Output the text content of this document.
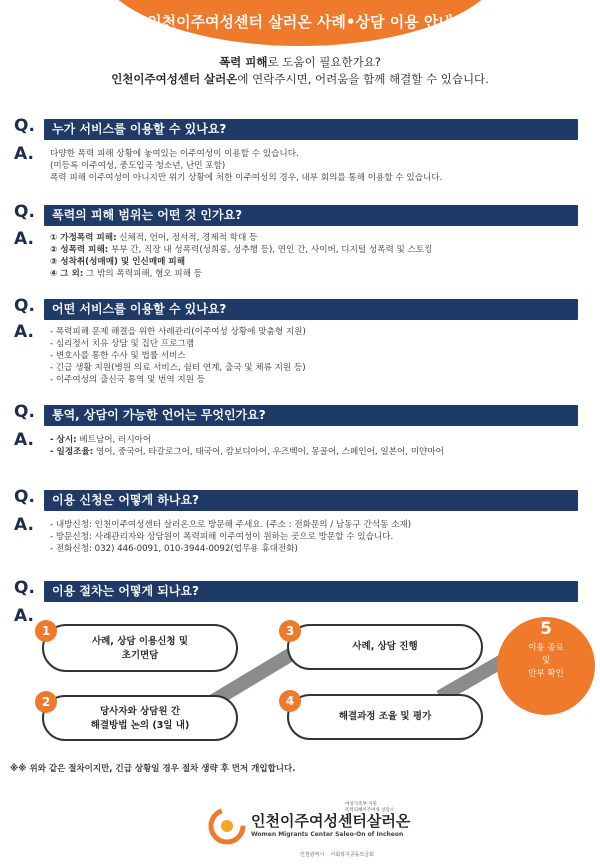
인천이주여성센터 살러온 사례•상담 이용 안내
폭력 피해로 도움이 필요한가요?
인천이주여성센터 살러온에 연락주시면, 어려움을 함께 해결할 수 있습니다.
Q.	누가 서비스를 이용할 수 있나요?
A. 다양한 폭력 피해 상황에 놓여있는 이주여성이 이용할 수 있습니다.
(미등록 이주여성, 중도입국 청소년, 난민 포함)
폭력 피해 이주여성이 아니지만 위기 상황에 처한 이주여성의 경우, 내부 회의를 통해 이용할 수 있습니다.
Q.	폭력의 피해 범위는 어떤 것 인가요?
A. ① 가정폭력 피해: 신체적, 언어, 정서적, 경제적 학대 등
② 성폭력 피해: 부부 간, 직장 내 성폭력(성희롱, 성추행 등), 연인 간, 사이버, 디지털 성폭력 및 스토킹
③ 성착취(성매매) 및 인신매매 피해
④ 그 외: 그 밖의 폭력피해, 혐오 피해 등
Q.	어떤 서비스를 이용할 수 있나요?
A. - 폭력피해 문제 해결을 위한 사례관리(이주여성 상황에 맞춤형 지원)
- 심리정서 치유 상담 및 집단 프로그램
- 변호사를 통한 수사 및 법률 서비스
- 긴급 생활 지원(병원 의료 서비스, 쉼터 연계, 출국 및 체류 지원 등)
- 이주여성의 출신국 통역 및 번역 지원 등
Q.	통역, 상담이 가능한 언어는 무엇인가요?
A. - 상시: 베트남어, 러시아어
- 일정조율: 영어, 중국어, 타갈로그어, 태국어, 캄보디아어, 우즈벡어, 몽골어, 스페인어, 일본어, 미얀마어
Q.	이용 신청은 어떻게 하나요?
A. - 내방신청: 인천이주여성센터 살러온으로 방문해 주세요. (주소 : 전화문의 / 남동구 간석동 소재)
- 방문신청: 사례관리자와 상담원이 폭력피해 이주여성이 원하는 곳으로 방문할 수 있습니다.
- 전화신청: 032) 446-0091, 010-3944-0092(업무용 휴대전화)
Q.	이용 절차는 어떻게 되나요?
A.
사례, 상담 이용신청 및
초기면담
1
당사자와 상담원 간
해결방법 논의 (3일 내)
2
사례, 상담 진행
3
해결과정 조율 및 평가
4
5
이용 종료
및
안부 확인
※※ 위와 같은 절차이지만, 긴급 상황일 경우 절차 생략 후 먼저 개입합니다.
여성가족부 지원
폭력피해이주여성 상담소
인천이주여성센터살러온
Women Migrants Center Saleo-On of Incheon
인천광역시 사회복지공동모금회
